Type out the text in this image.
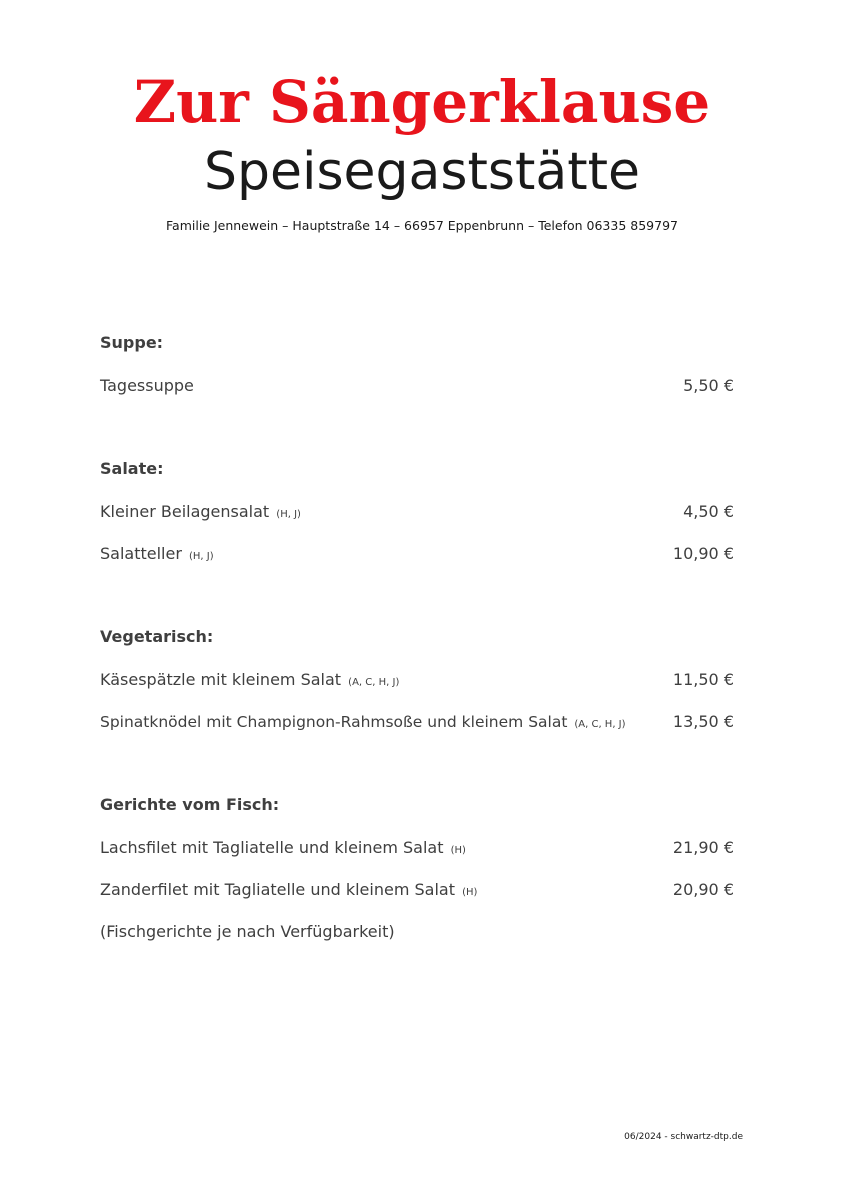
Zur Sängerklause
Speisegaststätte
Familie Jennewein – Hauptstraße 14 – 66957 Eppenbrunn – Telefon 06335 859797
Suppe:
Tagessuppe	5,50 €
Salate:
Kleiner Beilagensalat (H, J)	4,50 €
Salatteller (H, J)	10,90 €
Vegetarisch:
Käsespätzle mit kleinem Salat (A, C, H, J)	11,50 €
Spinatknödel mit Champignon-Rahmsoße und kleinem Salat (A, C, H, J)	13,50 €
Gerichte vom Fisch:
Lachsfilet mit Tagliatelle und kleinem Salat (H)	21,90 €
Zanderfilet mit Tagliatelle und kleinem Salat (H)	20,90 €
(Fischgerichte je nach Verfügbarkeit)
06/2024 - schwartz-dtp.de
